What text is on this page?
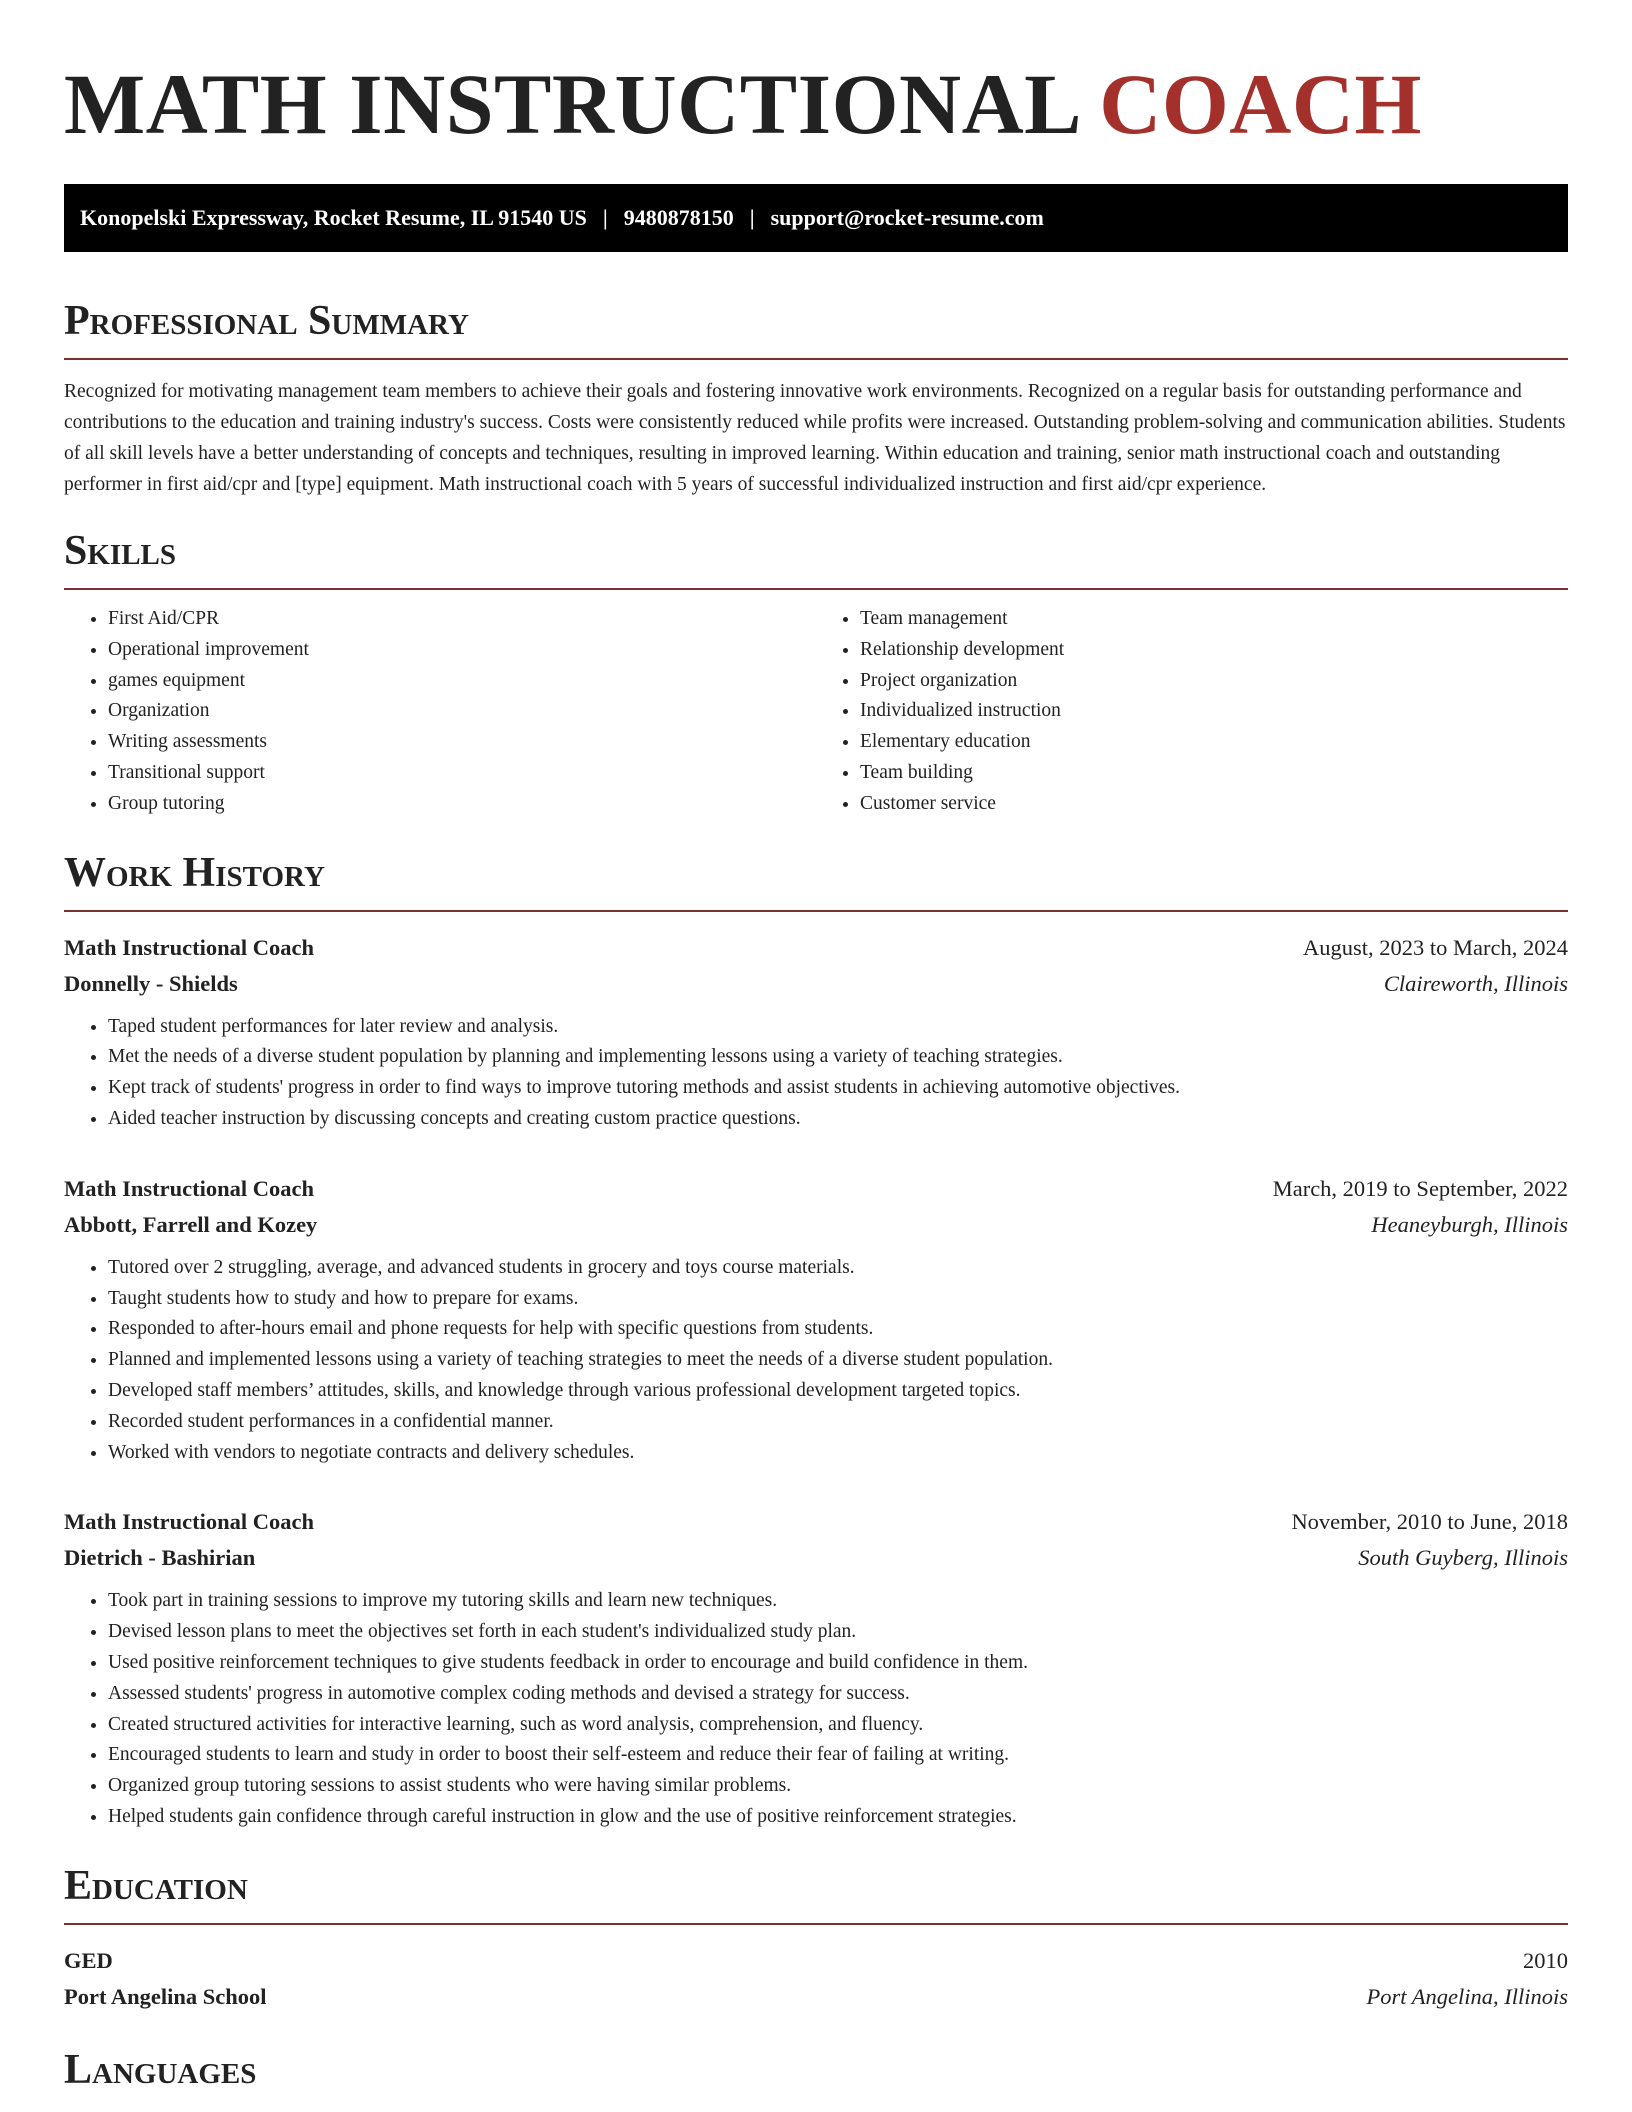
MATH INSTRUCTIONAL COACH
Konopelski Expressway, Rocket Resume, IL 91540 US | 9480878150 | support@rocket-resume.com
Professional Summary

Recognized for motivating management team members to achieve their goals and fostering innovative work environments. Recognized on a regular basis for outstanding performance and contributions to the education and training industry's success. Costs were consistently reduced while profits were increased. Outstanding problem-solving and communication abilities. Students of all skill levels have a better understanding of concepts and techniques, resulting in improved learning. Within education and training, senior math instructional coach and outstanding performer in first aid/cpr and [type] equipment. Math instructional coach with 5 years of successful individualized instruction and first aid/cpr experience.

Skills
• First Aid/CPR
• Operational improvement
• games equipment
• Organization
• Writing assessments
• Transitional support
• Group tutoring
• Team management
• Relationship development
• Project organization
• Individualized instruction
• Elementary education
• Team building
• Customer service
Work History
Math Instructional Coach	August, 2023 to March, 2024
Donnelly - Shields	Claireworth, Illinois
• Taped student performances for later review and analysis.
• Met the needs of a diverse student population by planning and implementing lessons using a variety of teaching strategies.
• Kept track of students' progress in order to find ways to improve tutoring methods and assist students in achieving automotive objectives.
• Aided teacher instruction by discussing concepts and creating custom practice questions.
Math Instructional Coach	March, 2019 to September, 2022
Abbott, Farrell and Kozey	Heaneyburgh, Illinois
• Tutored over 2 struggling, average, and advanced students in grocery and toys course materials.
• Taught students how to study and how to prepare for exams.
• Responded to after-hours email and phone requests for help with specific questions from students.
• Planned and implemented lessons using a variety of teaching strategies to meet the needs of a diverse student population.
• Developed staff members’ attitudes, skills, and knowledge through various professional development targeted topics.
• Recorded student performances in a confidential manner.
• Worked with vendors to negotiate contracts and delivery schedules.
Math Instructional Coach	November, 2010 to June, 2018
Dietrich - Bashirian	South Guyberg, Illinois
• Took part in training sessions to improve my tutoring skills and learn new techniques.
• Devised lesson plans to meet the objectives set forth in each student's individualized study plan.
• Used positive reinforcement techniques to give students feedback in order to encourage and build confidence in them.
• Assessed students' progress in automotive complex coding methods and devised a strategy for success.
• Created structured activities for interactive learning, such as word analysis, comprehension, and fluency.
• Encouraged students to learn and study in order to boost their self-esteem and reduce their fear of failing at writing.
• Organized group tutoring sessions to assist students who were having similar problems.
• Helped students gain confidence through careful instruction in glow and the use of positive reinforcement strategies.
Education
GED	2010
Port Angelina School	Port Angelina, Illinois
Languages
